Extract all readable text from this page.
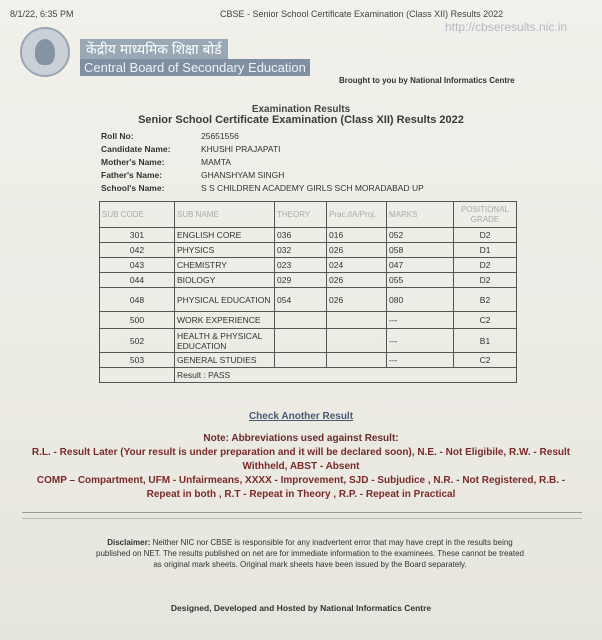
8/1/22, 6:35 PM	CBSE - Senior School Certificate Examination (Class XII) Results 2022
http://cbseresults.nic.in
केंद्रीय माध्यमिक शिक्षा बोर्ड
Central Board of Secondary Education
Brought to you by National Informatics Centre
Examination Results
Senior School Certificate Examination (Class XII) Results 2022
Roll No:	25651556
Candidate Name:	KHUSHI PRAJAPATI
Mother's Name:	MAMTA
Father's Name:	GHANSHYAM SINGH
School's Name:	S S CHILDREN ACADEMY GIRLS SCH MORADABAD UP
SUB CODE	SUB NAME	THEORY	Prac./IA/Proj.	MARKS	POSITIONAL GRADE
301	ENGLISH CORE	036	016	052	D2
042	PHYSICS	032	026	058	D1
043	CHEMISTRY	023	024	047	D2
044	BIOLOGY	029	026	055	D2
048	PHYSICAL EDUCATION	054	026	080	B2
500	WORK EXPERIENCE			---	C2
502	HEALTH & PHYSICAL EDUCATION			---	B1
503	GENERAL STUDIES			---	C2
	Result : PASS				
Check Another Result
Note: Abbreviations used against Result:
R.L. - Result Later (Your result is under preparation and it will be declared soon), N.E. - Not Eligibile, R.W. - Result Withheld, ABST - Absent
COMP – Compartment, UFM - Unfairmeans, XXXX - Improvement, SJD - Subjudice , N.R. - Not Registered, R.B. - Repeat in both , R.T - Repeat in Theory , R.P. - Repeat in Practical
Disclaimer: Neither NIC nor CBSE is responsible for any inadvertent error that may have crept in the results being published on NET. The results published on net are for immediate information to the examinees. These cannot be treated as original mark sheets. Original mark sheets have been issued by the Board separately.
Designed, Developed and Hosted by National Informatics Centre
